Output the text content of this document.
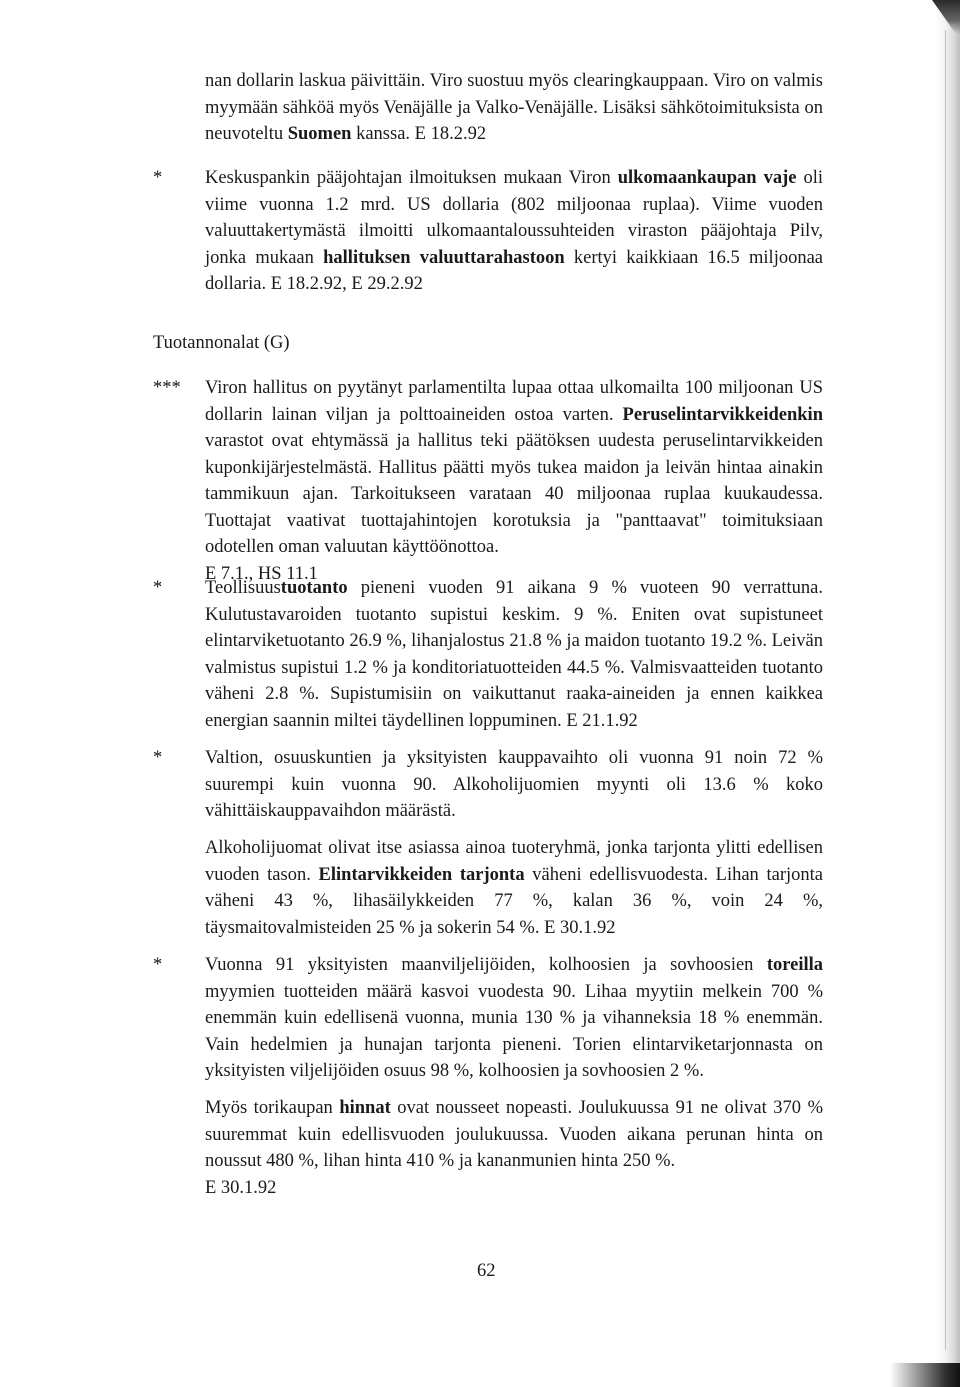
nan dollarin laskua päivittäin. Viro suostuu myös clearingkauppaan. Viro on valmis myymään sähköä myös Venäjälle ja Valko-Venäjälle. Lisäksi sähkötoimituksista on neuvoteltu Suomen kanssa. E 18.2.92

* Keskuspankin pääjohtajan ilmoituksen mukaan Viron ulkomaankaupan vaje oli viime vuonna 1.2 mrd. US dollaria (802 miljoonaa ruplaa). Viime vuoden valuuttakertymästä ilmoitti ulkomaantaloussuhteiden viraston pääjohtaja Pilv, jonka mukaan hallituksen valuuttarahastoon kertyi kaikkiaan 16.5 miljoonaa dollaria. E 18.2.92, E 29.2.92

Tuotannonalat (G)
*** Viron hallitus on pyytänyt parlamentilta lupaa ottaa ulkomailta 100 miljoonan US dollarin lainan viljan ja polttoaineiden ostoa varten. Peruselintarvikkeidenkin varastot ovat ehtymässä ja hallitus teki päätöksen uudesta peruselintarvikkeiden kuponkijärjestelmästä. Hallitus päätti myös tukea maidon ja leivän hintaa ainakin tammikuun ajan. Tarkoitukseen varataan 40 miljoonaa ruplaa kuukaudessa. Tuottajat vaativat tuottajahintojen korotuksia ja "panttaavat" toimituksiaan odotellen oman valuutan käyttöönottoa.

E 7.1., HS 11.1

* Teollisuustuotanto pieneni vuoden 91 aikana 9 % vuoteen 90 verrattuna. Kulutustavaroiden tuotanto supistui keskim. 9 %. Eniten ovat supistuneet elintarviketuotanto 26.9 %, lihanjalostus 21.8 % ja maidon tuotanto 19.2 %. Leivän valmistus supistui 1.2 % ja konditoriatuotteiden 44.5 %. Valmisvaatteiden tuotanto väheni 2.8 %. Supistumisiin on vaikuttanut raaka-aineiden ja ennen kaikkea energian saannin miltei täydellinen loppuminen. E 21.1.92

* Valtion, osuuskuntien ja yksityisten kauppavaihto oli vuonna 91 noin 72 % suurempi kuin vuonna 90. Alkoholijuomien myynti oli 13.6 % koko vähittäiskauppavaihdon määrästä.

Alkoholijuomat olivat itse asiassa ainoa tuoteryhmä, jonka tarjonta ylitti edellisen vuoden tason. Elintarvikkeiden tarjonta väheni edellisvuodesta. Lihan tarjonta väheni 43 %, lihasäilykkeiden 77 %, kalan 36 %, voin 24 %, täysmaitovalmisteiden 25 % ja sokerin 54 %. E 30.1.92

* Vuonna 91 yksityisten maanviljelijöiden, kolhoosien ja sovhoosien toreilla myymien tuotteiden määrä kasvoi vuodesta 90. Lihaa myytiin melkein 700 % enemmän kuin edellisenä vuonna, munia 130 % ja vihanneksia 18 % enemmän. Vain hedelmien ja hunajan tarjonta pieneni. Torien elintarviketarjonnasta on yksityisten viljelijöiden osuus 98 %, kolhoosien ja sovhoosien 2 %.

Myös torikaupan hinnat ovat nousseet nopeasti. Joulukuussa 91 ne olivat 370 % suuremmat kuin edellisvuoden joulukuussa. Vuoden aikana perunan hinta on noussut 480 %, lihan hinta 410 % ja kananmunien hinta 250 %.

E 30.1.92

62
